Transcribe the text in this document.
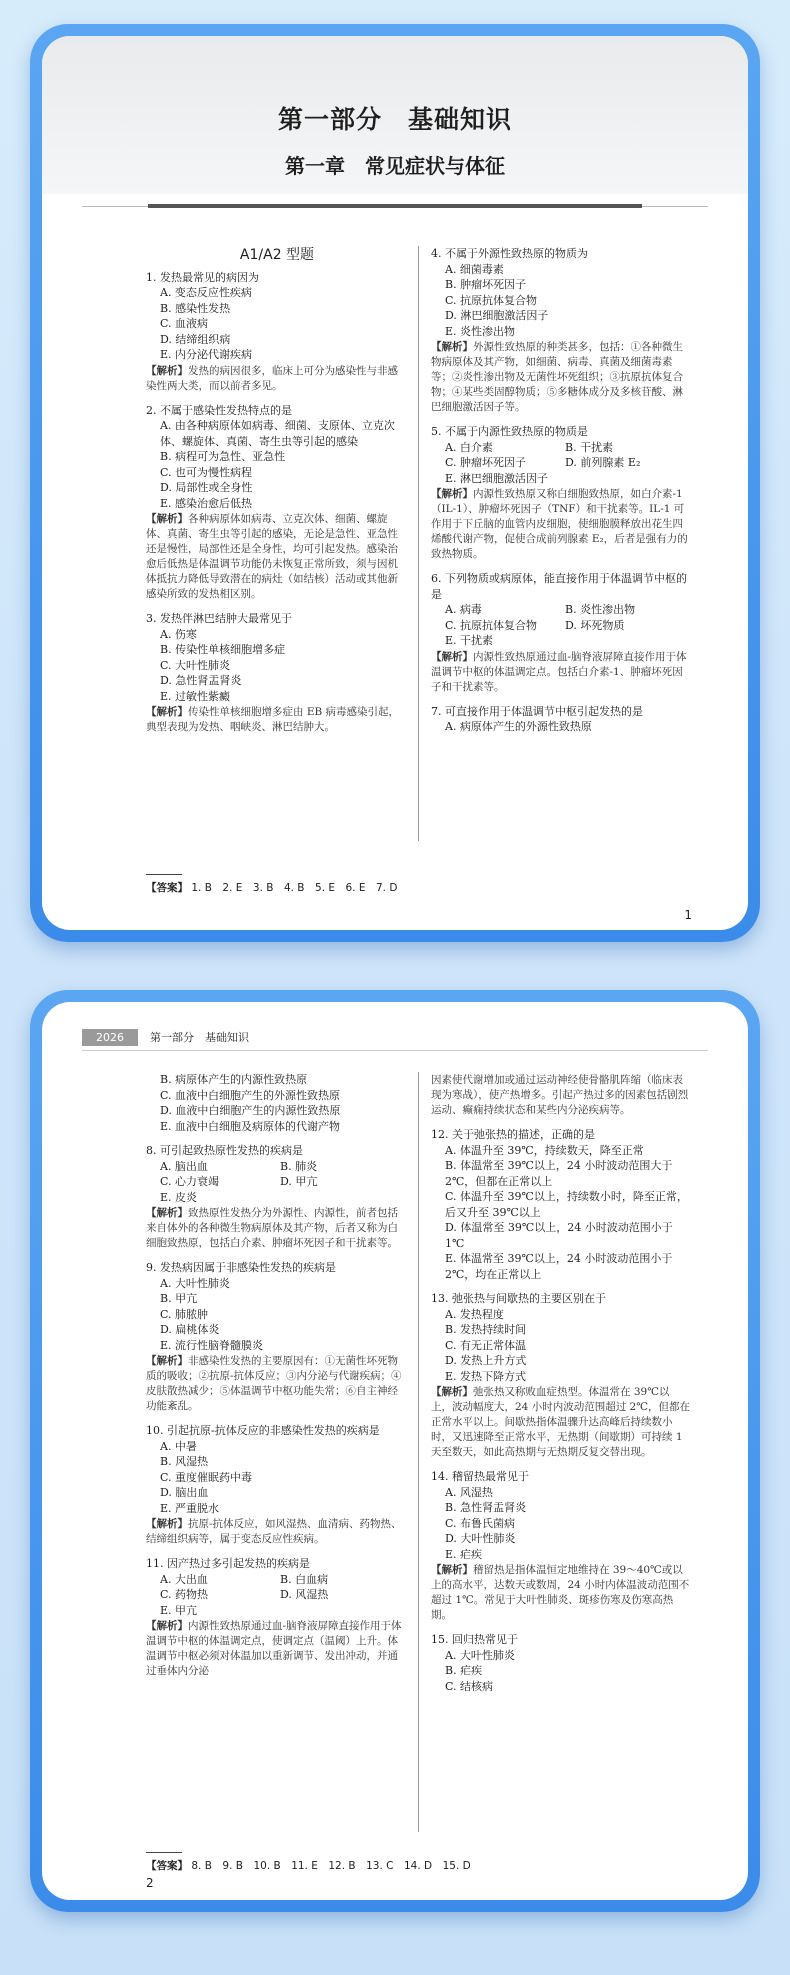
第一部分　基础知识
第一章　常见症状与体征
A1/A2 型题
1. 发热最常见的病因为
A. 变态反应性疾病
B. 感染性发热
C. 血液病
D. 结缔组织病
E. 内分泌代谢疾病
【解析】发热的病因很多，临床上可分为感染性与非感染性两大类，而以前者多见。
2. 不属于感染性发热特点的是
A. 由各种病原体如病毒、细菌、支原体、立克次体、螺旋体、真菌、寄生虫等引起的感染
B. 病程可为急性、亚急性
C. 也可为慢性病程
D. 局部性或全身性
E. 感染治愈后低热
【解析】各种病原体如病毒、立克次体、细菌、螺旋体、真菌、寄生虫等引起的感染，无论是急性、亚急性还是慢性，局部性还是全身性，均可引起发热。感染治愈后低热是体温调节功能仍未恢复正常所致，须与因机体抵抗力降低导致潜在的病灶（如结核）活动或其他新感染所致的发热相区别。
3. 发热伴淋巴结肿大最常见于
A. 伤寒
B. 传染性单核细胞增多症
C. 大叶性肺炎
D. 急性肾盂肾炎
E. 过敏性紫癜
【解析】传染性单核细胞增多症由 EB 病毒感染引起，典型表现为发热、咽峡炎、淋巴结肿大。
4. 不属于外源性致热原的物质为
A. 细菌毒素
B. 肿瘤坏死因子
C. 抗原抗体复合物
D. 淋巴细胞激活因子
E. 炎性渗出物
【解析】外源性致热原的种类甚多，包括：①各种微生物病原体及其产物，如细菌、病毒、真菌及细菌毒素等；②炎性渗出物及无菌性坏死组织；③抗原抗体复合物；④某些类固醇物质；⑤多糖体成分及多核苷酸、淋巴细胞激活因子等。
5. 不属于内源性致热原的物质是
A. 白介素	B. 干扰素
C. 肿瘤坏死因子	D. 前列腺素 E₂
E. 淋巴细胞激活因子
【解析】内源性致热原又称白细胞致热原，如白介素-1（IL-1）、肿瘤坏死因子（TNF）和干扰素等。IL-1 可作用于下丘脑的血管内皮细胞，使细胞膜释放出花生四烯酸代谢产物，促使合成前列腺素 E₂，后者是强有力的致热物质。
6. 下列物质或病原体，能直接作用于体温调节中枢的是
A. 病毒	B. 炎性渗出物
C. 抗原抗体复合物	D. 坏死物质
E. 干扰素
【解析】内源性致热原通过血-脑脊液屏障直接作用于体温调节中枢的体温调定点。包括白介素-1、肿瘤坏死因子和干扰素等。
7. 可直接作用于体温调节中枢引起发热的是
A. 病原体产生的外源性致热原
【答案】 1. B　2. E　3. B　4. B　5. E　6. E　7. D
1
2026	第一部分　基础知识
B. 病原体产生的内源性致热原
C. 血液中白细胞产生的外源性致热原
D. 血液中白细胞产生的内源性致热原
E. 血液中白细胞及病原体的代谢产物
8. 可引起致热原性发热的疾病是
A. 脑出血	B. 肺炎
C. 心力衰竭	D. 甲亢
E. 皮炎
【解析】致热原性发热分为外源性、内源性，前者包括来自体外的各种微生物病原体及其产物，后者又称为白细胞致热原，包括白介素、肿瘤坏死因子和干扰素等。
9. 发热病因属于非感染性发热的疾病是
A. 大叶性肺炎
B. 甲亢
C. 肺脓肿
D. 扁桃体炎
E. 流行性脑脊髓膜炎
【解析】非感染性发热的主要原因有：①无菌性坏死物质的吸收；②抗原-抗体反应；③内分泌与代谢疾病；④皮肤散热减少；⑤体温调节中枢功能失常；⑥自主神经功能紊乱。
10. 引起抗原-抗体反应的非感染性发热的疾病是
A. 中暑
B. 风湿热
C. 重度催眠药中毒
D. 脑出血
E. 严重脱水
【解析】抗原-抗体反应，如风湿热、血清病、药物热、结缔组织病等，属于变态反应性疾病。
11. 因产热过多引起发热的疾病是
A. 大出血	B. 白血病
C. 药物热	D. 风湿热
E. 甲亢
【解析】内源性致热原通过血-脑脊液屏障直接作用于体温调节中枢的体温调定点，使调定点（温阈）上升。体温调节中枢必须对体温加以重新调节、发出冲动，并通过垂体内分泌
因素使代谢增加或通过运动神经使骨骼肌阵缩（临床表现为寒战），使产热增多。引起产热过多的因素包括剧烈运动、癫痫持续状态和某些内分泌疾病等。
12. 关于弛张热的描述，正确的是
A. 体温升至 39℃，持续数天，降至正常
B. 体温常至 39℃以上，24 小时波动范围大于 2℃，但都在正常以上
C. 体温升至 39℃以上，持续数小时，降至正常，后又升至 39℃以上
D. 体温常至 39℃以上，24 小时波动范围小于 1℃
E. 体温常至 39℃以上，24 小时波动范围小于 2℃，均在正常以上
13. 弛张热与间歇热的主要区别在于
A. 发热程度
B. 发热持续时间
C. 有无正常体温
D. 发热上升方式
E. 发热下降方式
【解析】弛张热又称败血症热型。体温常在 39℃以上，波动幅度大，24 小时内波动范围超过 2℃，但都在正常水平以上。间歇热指体温骤升达高峰后持续数小时，又迅速降至正常水平，无热期（间歇期）可持续 1 天至数天，如此高热期与无热期反复交替出现。
14. 稽留热最常见于
A. 风湿热
B. 急性肾盂肾炎
C. 布鲁氏菌病
D. 大叶性肺炎
E. 疟疾
【解析】稽留热是指体温恒定地维持在 39～40℃或以上的高水平，达数天或数周，24 小时内体温波动范围不超过 1℃。常见于大叶性肺炎、斑疹伤寒及伤寒高热期。
15. 回归热常见于
A. 大叶性肺炎
B. 疟疾
C. 结核病
【答案】 8. B　9. B　10. B　11. E　12. B　13. C　14. D　15. D
2
